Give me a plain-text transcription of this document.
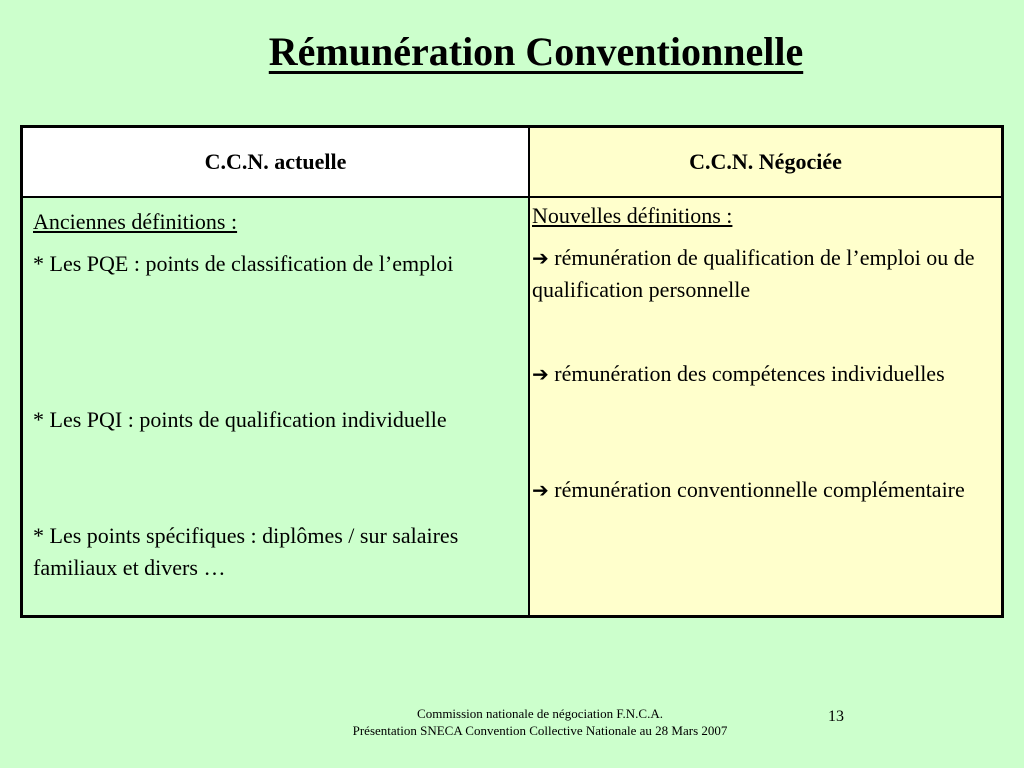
Rémunération Conventionnelle
C.C.N. actuelle	C.C.N. Négociée

Anciennes définitions :

* Les PQE : points de classification de l’emploi

* Les PQI : points de qualification individuelle

* Les points spécifiques : diplômes / sur salaires familiaux et divers …

Nouvelles définitions :

➔ rémunération de qualification de l’emploi ou de qualification personnelle

➔ rémunération des compétences individuelles

➔ rémunération conventionnelle complémentaire

Commission nationale de négociation F.N.C.A.
Présentation SNECA Convention Collective Nationale au 28 Mars 2007
13
